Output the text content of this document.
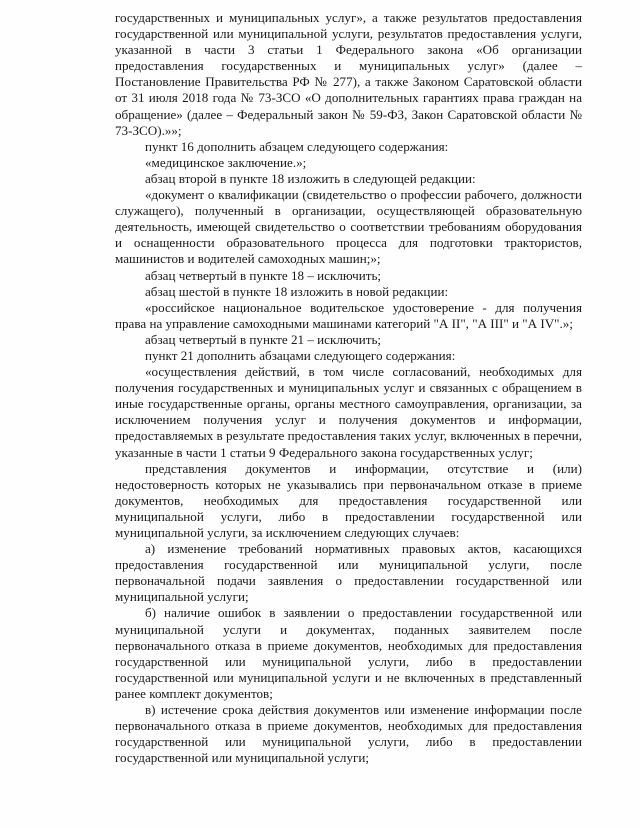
государственных и муниципальных услуг», а также результатов предоставления государственной или муниципальной услуги, результатов предоставления услуги, указанной в части 3 статьи 1 Федерального закона «Об организации предоставления государственных и муниципальных услуг» (далее – Постановление Правительства РФ № 277), а также Законом Саратовской области от 31 июля 2018 года № 73-ЗСО «О дополнительных гарантиях права граждан на обращение» (далее – Федеральный закон № 59-ФЗ, Закон Саратовской области № 73-ЗСО).»»;

пункт 16 дополнить абзацем следующего содержания:

«медицинское заключение.»;

абзац второй в пункте 18 изложить в следующей редакции:

«документ о квалификации (свидетельство о профессии рабочего, должности служащего), полученный в организации, осуществляющей образовательную деятельность, имеющей свидетельство о соответствии требованиям оборудования и оснащенности образовательного процесса для подготовки трактористов, машинистов и водителей самоходных машин;»;

абзац четвертый в пункте 18 – исключить;

абзац шестой в пункте 18 изложить в новой редакции:

«российское национальное водительское удостоверение - для получения права на управление самоходными машинами категорий "А II", "А III" и "А IV".»;

абзац четвертый в пункте 21 – исключить;

пункт 21 дополнить абзацами следующего содержания:

«осуществления действий, в том числе согласований, необходимых для получения государственных и муниципальных услуг и связанных с обращением в иные государственные органы, органы местного самоуправления, организации, за исключением получения услуг и получения документов и информации, предоставляемых в результате предоставления таких услуг, включенных в перечни, указанные в части 1 статьи 9 Федерального закона государственных услуг;

представления документов и информации, отсутствие и (или) недостоверность которых не указывались при первоначальном отказе в приеме документов, необходимых для предоставления государственной или муниципальной услуги, либо в предоставлении государственной или муниципальной услуги, за исключением следующих случаев:

а) изменение требований нормативных правовых актов, касающихся предоставления государственной или муниципальной услуги, после первоначальной подачи заявления о предоставлении государственной или муниципальной услуги;

б) наличие ошибок в заявлении о предоставлении государственной или муниципальной услуги и документах, поданных заявителем после первоначального отказа в приеме документов, необходимых для предоставления государственной или муниципальной услуги, либо в предоставлении государственной или муниципальной услуги и не включенных в представленный ранее комплект документов;

в) истечение срока действия документов или изменение информации после первоначального отказа в приеме документов, необходимых для предоставления государственной или муниципальной услуги, либо в предоставлении государственной или муниципальной услуги;
